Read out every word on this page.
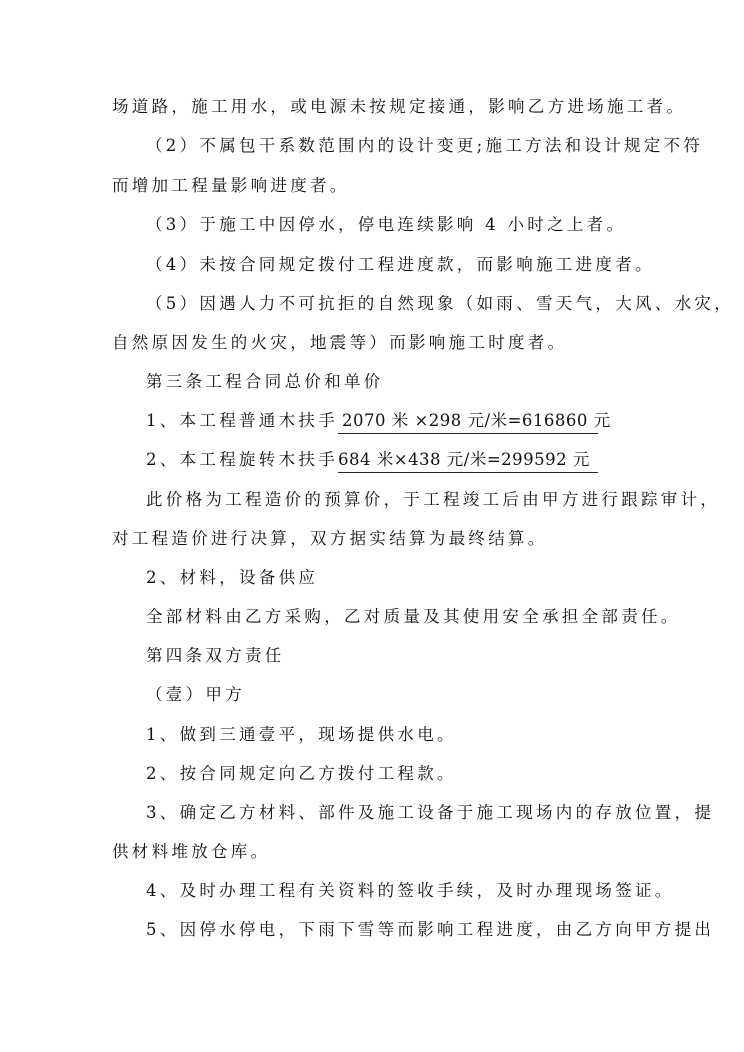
场道路，施工用水，或电源未按规定接通，影响乙方进场施工者。
（2）不属包干系数范围内的设计变更;施工方法和设计规定不符
而增加工程量影响进度者。
（3）于施工中因停水，停电连续影响 4 小时之上者。
（4）未按合同规定拨付工程进度款，而影响施工进度者。
（5）因遇人力不可抗拒的自然现象（如雨、雪天气，大风、水灾，
自然原因发生的火灾，地震等）而影响施工时度者。
第三条工程合同总价和单价
1、本工程普通木扶手 2070 米 ×298 元/米=616860 元
2、本工程旋转木扶手684 米×438 元/米=299592 元
此价格为工程造价的预算价，于工程竣工后由甲方进行跟踪审计，
对工程造价进行决算，双方据实结算为最终结算。
2、材料，设备供应
全部材料由乙方采购，乙对质量及其使用安全承担全部责任。
第四条双方责任
（壹）甲方
1、做到三通壹平，现场提供水电。
2、按合同规定向乙方拨付工程款。
3、确定乙方材料、部件及施工设备于施工现场内的存放位置，提
供材料堆放仓库。
4、及时办理工程有关资料的签收手续，及时办理现场签证。
5、因停水停电，下雨下雪等而影响工程进度，由乙方向甲方提出
